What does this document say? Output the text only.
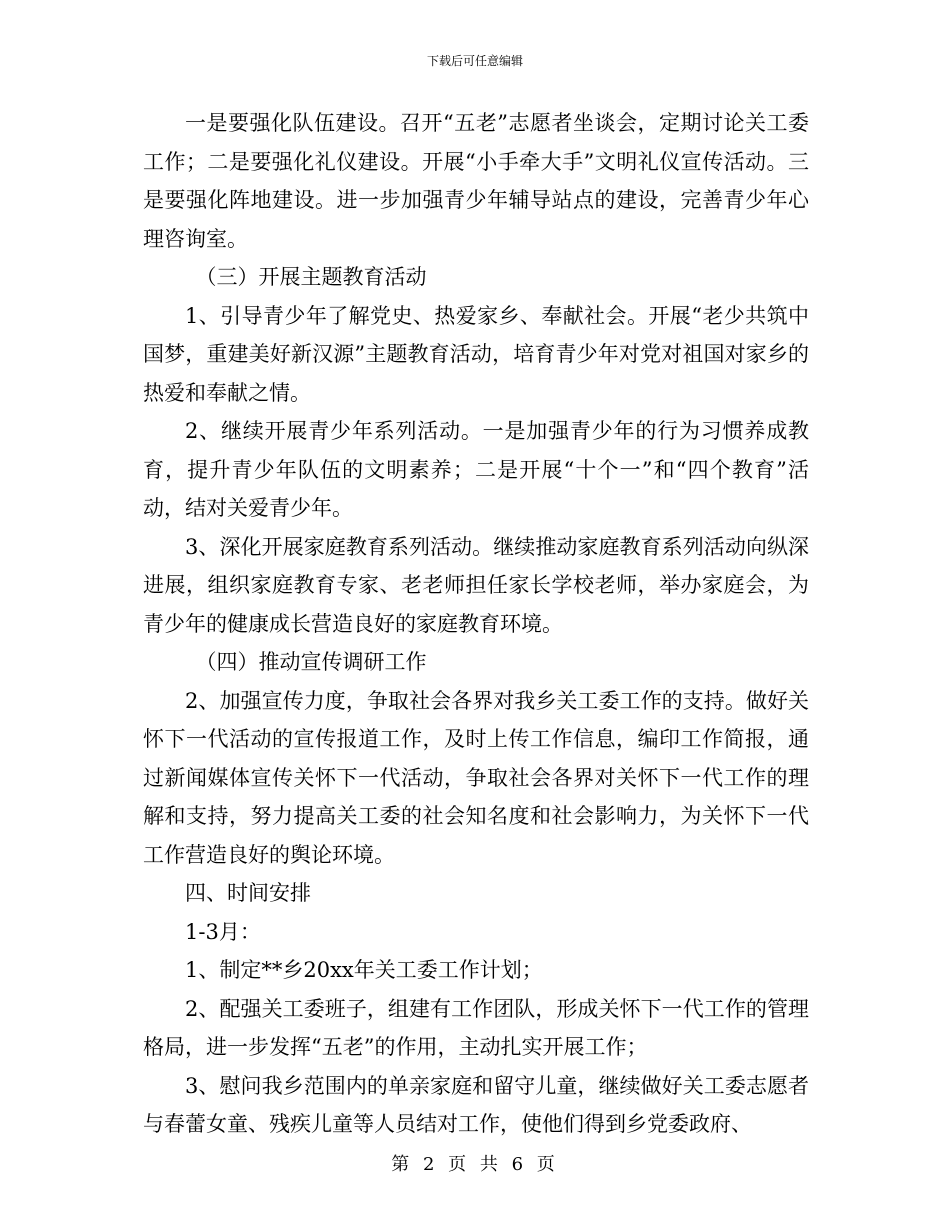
下载后可任意编辑

一是要强化队伍建设。召开“五老”志愿者坐谈会，定期讨论关工委工作；二是要强化礼仪建设。开展“小手牵大手”文明礼仪宣传活动。三是要强化阵地建设。进一步加强青少年辅导站点的建设，完善青少年心理咨询室。

（三）开展主题教育活动

1、引导青少年了解党史、热爱家乡、奉献社会。开展“老少共筑中国梦，重建美好新汉源”主题教育活动，培育青少年对党对祖国对家乡的热爱和奉献之情。

2、继续开展青少年系列活动。一是加强青少年的行为习惯养成教育，提升青少年队伍的文明素养；二是开展“十个一”和“四个教育”活动，结对关爱青少年。

3、深化开展家庭教育系列活动。继续推动家庭教育系列活动向纵深进展，组织家庭教育专家、老老师担任家长学校老师，举办家庭会，为青少年的健康成长营造良好的家庭教育环境。

（四）推动宣传调研工作

2、加强宣传力度，争取社会各界对我乡关工委工作的支持。做好关怀下一代活动的宣传报道工作，及时上传工作信息，编印工作简报，通过新闻媒体宣传关怀下一代活动，争取社会各界对关怀下一代工作的理解和支持，努力提高关工委的社会知名度和社会影响力，为关怀下一代工作营造良好的舆论环境。

四、时间安排

1-3月：

1、制定**乡20xx年关工委工作计划；

2、配强关工委班子，组建有工作团队，形成关怀下一代工作的管理格局，进一步发挥“五老”的作用，主动扎实开展工作；

3、慰问我乡范围内的单亲家庭和留守儿童，继续做好关工委志愿者与春蕾女童、残疾儿童等人员结对工作，使他们得到乡党委政府、

第 2 页 共 6 页
